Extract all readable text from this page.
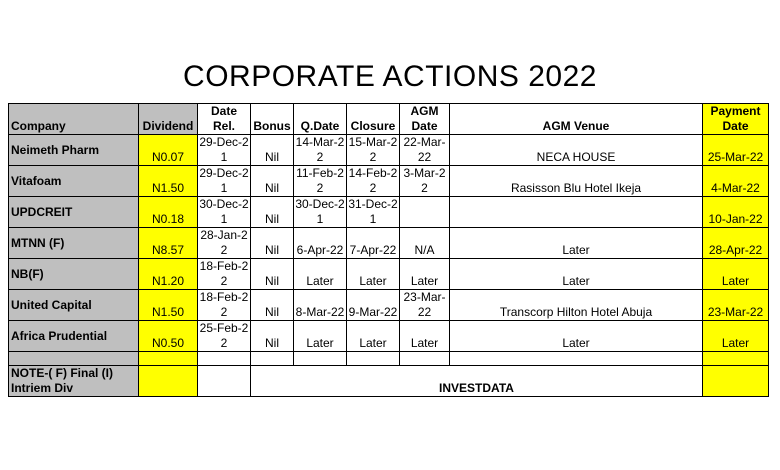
CORPORATE ACTIONS 2022
Company	Dividend	Date Rel.	Bonus	Q.Date	Closure	AGM Date	AGM Venue	Payment Date
Neimeth Pharm	N0.07	29-Dec-21	Nil	14-Mar-22	15-Mar-22	22-Mar-22	NECA HOUSE	25-Mar-22
Vitafoam	N1.50	29-Dec-21	Nil	11-Feb-22	14-Feb-22	3-Mar-22	Rasisson Blu Hotel Ikeja	4-Mar-22
UPDCREIT	N0.18	30-Dec-21	Nil	30-Dec-21	31-Dec-21			10-Jan-22
MTNN (F)	N8.57	28-Jan-22	Nil	6-Apr-22	7-Apr-22	N/A	Later	28-Apr-22
NB(F)	N1.20	18-Feb-22	Nil	Later	Later	Later	Later	Later
United Capital	N1.50	18-Feb-22	Nil	8-Mar-22	9-Mar-22	23-Mar-22	Transcorp Hilton Hotel Abuja	23-Mar-22
Africa Prudential	N0.50	25-Feb-22	Nil	Later	Later	Later	Later	Later

NOTE-( F) Final (I) Intriem Div			INVESTDATA					
